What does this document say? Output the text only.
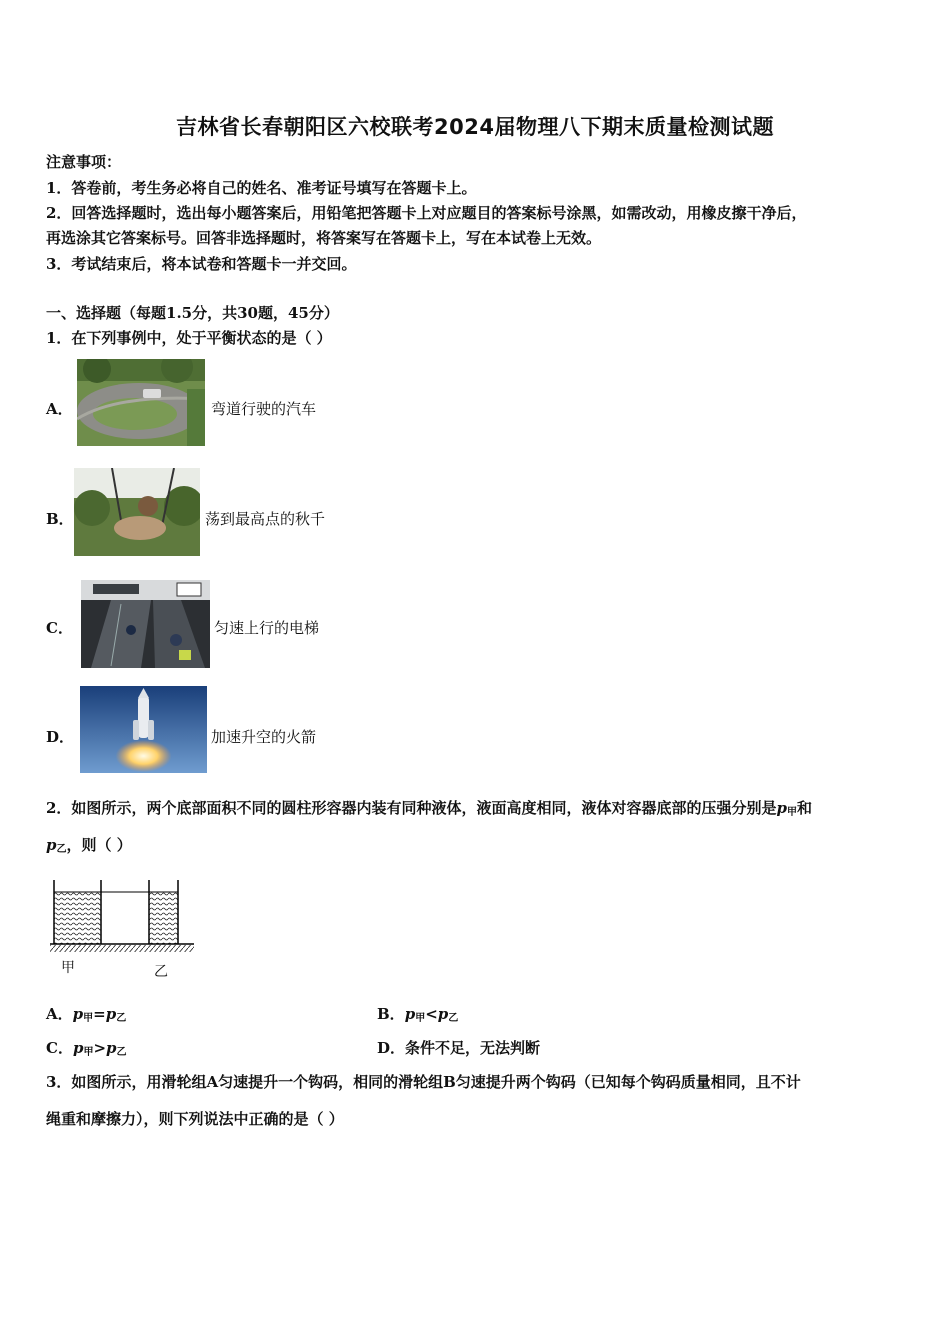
吉林省长春朝阳区六校联考2024届物理八下期末质量检测试题
注意事项：
1．答卷前，考生务必将自己的姓名、准考证号填写在答题卡上。
2．回答选择题时，选出每小题答案后，用铅笔把答题卡上对应题目的答案标号涂黑，如需改动，用橡皮擦干净后，
再选涂其它答案标号。回答非选择题时，将答案写在答题卡上，写在本试卷上无效。
3．考试结束后，将本试卷和答题卡一并交回。
一、选择题（每题1.5分，共30题，45分）
1．在下列事例中，处于平衡状态的是（ ）
A．	弯道行驶的汽车
B．	荡到最高点的秋千
C．	匀速上行的电梯
D．	加速升空的火箭
2．如图所示，两个底部面积不同的圆柱形容器内装有同种液体，液面高度相同，液体对容器底部的压强分别是$p_甲$和
$p_乙$，则（ ）
甲	乙
A．$p_甲=p_乙$	B．$p_甲<p_乙$
C．$p_甲>p_乙$	D．条件不足，无法判断
3．如图所示，用滑轮组A匀速提升一个钩码，相同的滑轮组B匀速提升两个钩码（已知每个钩码质量相同，且不计
绳重和摩擦力），则下列说法中正确的是（ ）
